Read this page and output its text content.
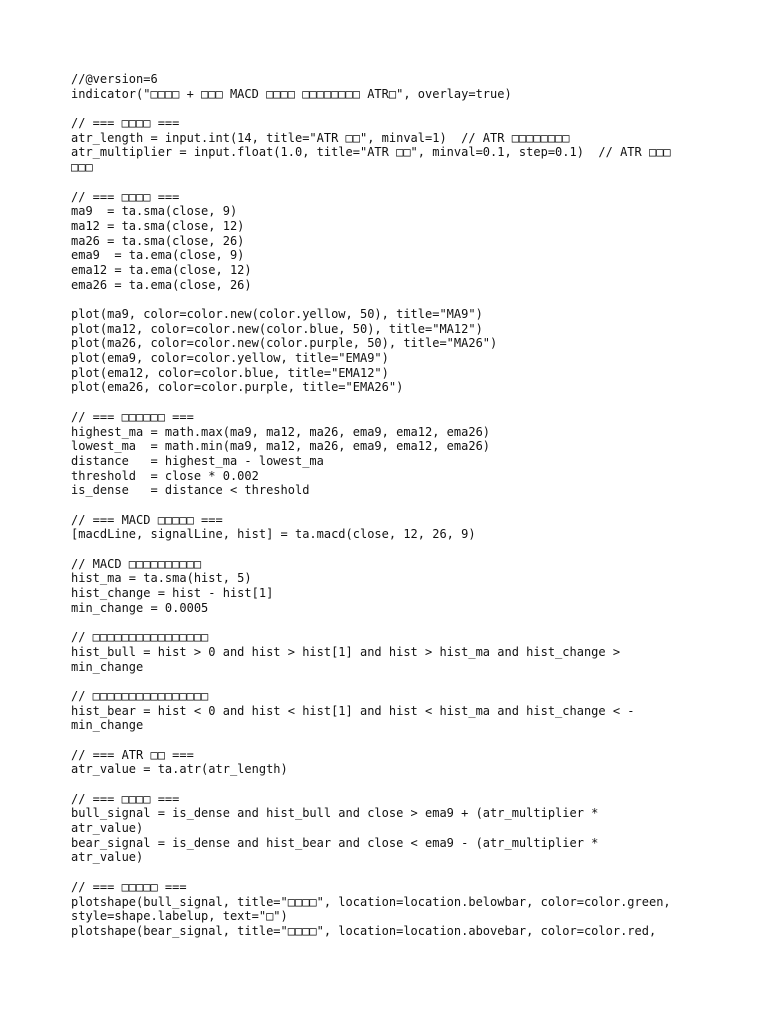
//@version=6
indicator("□□□□ + □□□ MACD □□□□ □□□□□□□□ ATR□", overlay=true)
// === □□□□ ===
atr_length = input.int(14, title="ATR □□", minval=1)  // ATR □□□□□□□□
atr_multiplier = input.float(1.0, title="ATR □□", minval=0.1, step=0.1)  // ATR □□□
□□□
// === □□□□ ===
ma9  = ta.sma(close, 9)
ma12 = ta.sma(close, 12)
ma26 = ta.sma(close, 26)
ema9  = ta.ema(close, 9)
ema12 = ta.ema(close, 12)
ema26 = ta.ema(close, 26)
plot(ma9, color=color.new(color.yellow, 50), title="MA9")
plot(ma12, color=color.new(color.blue, 50), title="MA12")
plot(ma26, color=color.new(color.purple, 50), title="MA26")
plot(ema9, color=color.yellow, title="EMA9")
plot(ema12, color=color.blue, title="EMA12")
plot(ema26, color=color.purple, title="EMA26")
// === □□□□□□ ===
highest_ma = math.max(ma9, ma12, ma26, ema9, ema12, ema26)
lowest_ma  = math.min(ma9, ma12, ma26, ema9, ema12, ema26)
distance   = highest_ma - lowest_ma
threshold  = close * 0.002
is_dense   = distance < threshold
// === MACD □□□□□ ===
[macdLine, signalLine, hist] = ta.macd(close, 12, 26, 9)
// MACD □□□□□□□□□□
hist_ma = ta.sma(hist, 5)
hist_change = hist - hist[1]
min_change = 0.0005
// □□□□□□□□□□□□□□□□
hist_bull = hist > 0 and hist > hist[1] and hist > hist_ma and hist_change >
min_change
// □□□□□□□□□□□□□□□□
hist_bear = hist < 0 and hist < hist[1] and hist < hist_ma and hist_change < -
min_change
// === ATR □□ ===
atr_value = ta.atr(atr_length)
// === □□□□ ===
bull_signal = is_dense and hist_bull and close > ema9 + (atr_multiplier *
atr_value)
bear_signal = is_dense and hist_bear and close < ema9 - (atr_multiplier *
atr_value)
// === □□□□□ ===
plotshape(bull_signal, title="□□□□", location=location.belowbar, color=color.green,
style=shape.labelup, text="□")
plotshape(bear_signal, title="□□□□", location=location.abovebar, color=color.red,
